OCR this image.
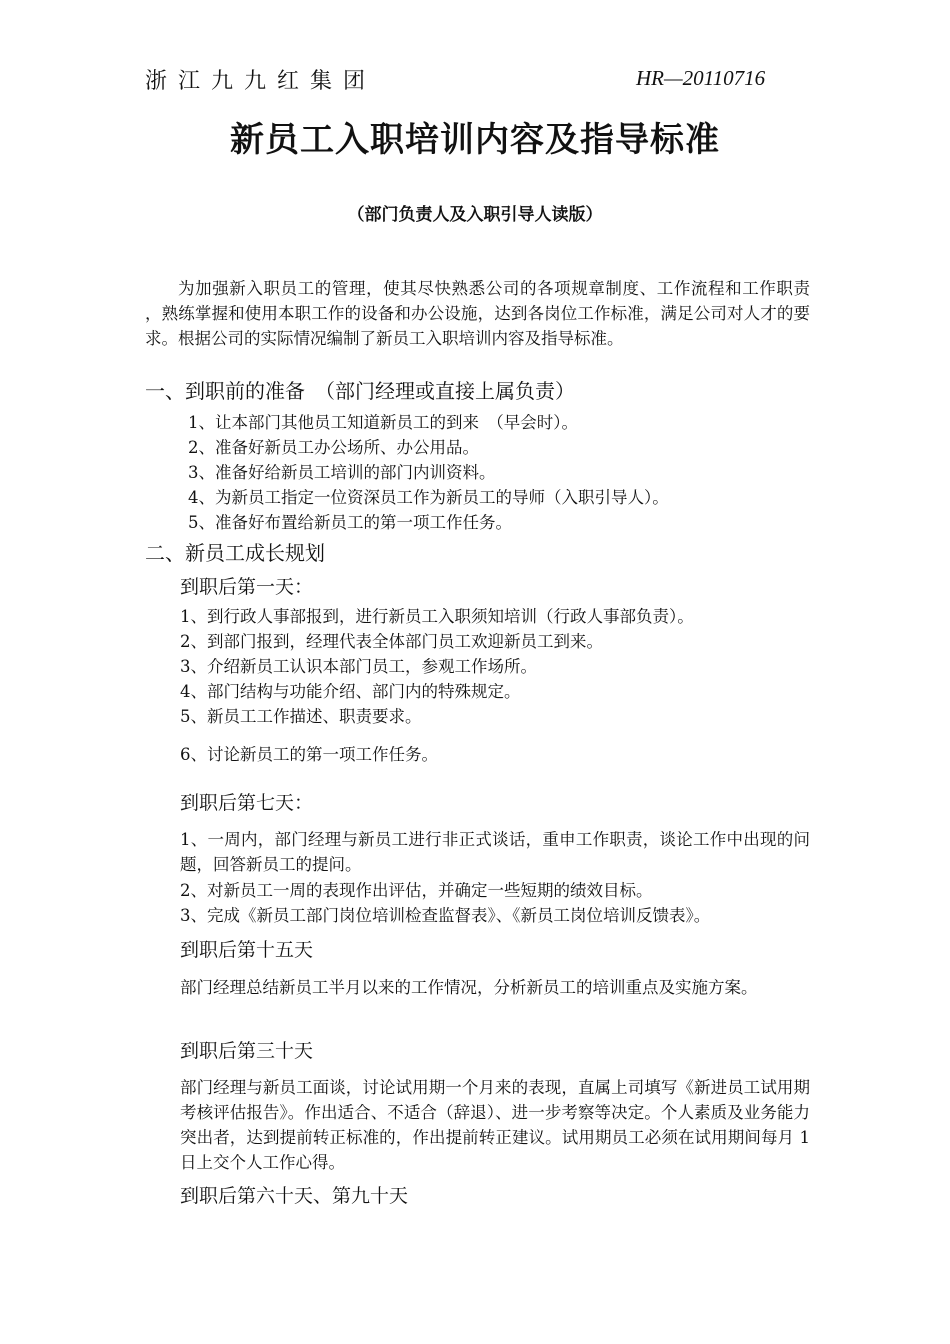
浙江九九红集团	HR—20110716
新员工入职培训内容及指导标准
（部门负责人及入职引导人读版）
为加强新入职员工的管理，使其尽快熟悉公司的各项规章制度、工作流程和工作职责 ，熟练掌握和使用本职工作的设备和办公设施，达到各岗位工作标准，满足公司对人才的要求。根据公司的实际情况编制了新员工入职培训内容及指导标准。
一、到职前的准备　（部门经理或直接上属负责）
1、让本部门其他员工知道新员工的到来　（早会时）。
2、准备好新员工办公场所、办公用品。
3、准备好给新员工培训的部门内训资料。
4、为新员工指定一位资深员工作为新员工的导师（入职引导人）。
5、准备好布置给新员工的第一项工作任务。
二、新员工成长规划
到职后第一天：
1、到行政人事部报到，进行新员工入职须知培训（行政人事部负责）。
2、到部门报到，经理代表全体部门员工欢迎新员工到来。
3、介绍新员工认识本部门员工，参观工作场所。
4、部门结构与功能介绍、部门内的特殊规定。
5、新员工工作描述、职责要求。
6、讨论新员工的第一项工作任务。
到职后第七天：
1、一周内，部门经理与新员工进行非正式谈话，重申工作职责，谈论工作中出现的问题，回答新员工的提问。
2、对新员工一周的表现作出评估，并确定一些短期的绩效目标。
3、完成《新员工部门岗位培训检查监督表》、《新员工岗位培训反馈表》。
到职后第十五天
部门经理总结新员工半月以来的工作情况，分析新员工的培训重点及实施方案。
到职后第三十天
部门经理与新员工面谈，讨论试用期一个月来的表现，直属上司填写《新进员工试用期考核评估报告》。作出适合、不适合（辞退）、进一步考察等决定。个人素质及业务能力突出者，达到提前转正标准的，作出提前转正建议。试用期员工必须在试用期间每月 1 日上交个人工作心得。
到职后第六十天、第九十天
